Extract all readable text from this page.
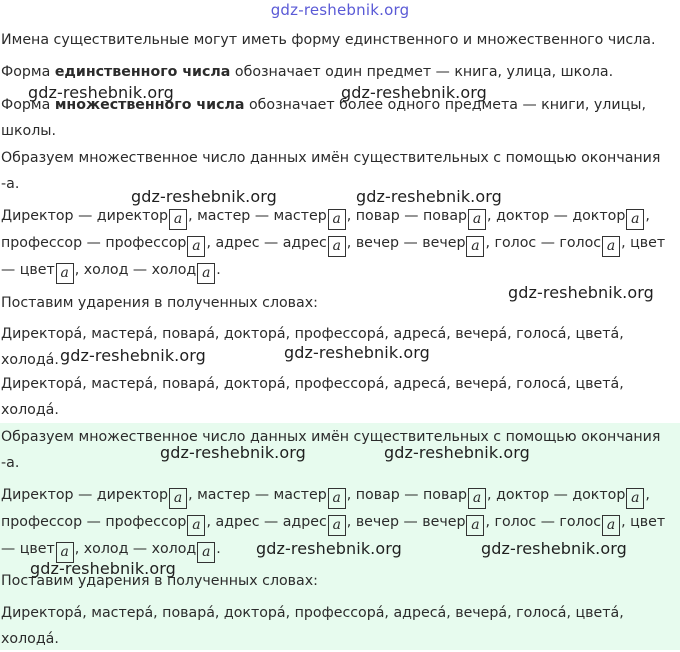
gdz-reshebnik.org

Имена существительные могут иметь форму единственного и множественного числа.

Форма единственного числа обозначает один предмет — книга, улица, школа.

Форма множественного числа обозначает более одного предмета — книги, улицы, школы.

Образуем множественное число данных имён существительных с помощью окончания -а.

Директор — директор а , мастер — мастер а , повар — повар а , доктор — доктор а , профессор — профессор а , адрес — адрес а , вечер — вечер а , голос — голос а , цвет — цвет а , холод — холод а .

Поставим ударения в полученных словах:

Директора́, мастера́, повара́, доктора́, профессора́, адреса́, вечера́, голоса́, цвета́, холода́.

Директора́, мастера́, повара́, доктора́, профессора́, адреса́, вечера́, голоса́, цвета́, холода́.

Образуем множественное число данных имён существительных с помощью окончания -а.

Директор — директор а , мастер — мастер а , повар — повар а , доктор — доктор а , профессор — профессор а , адрес — адрес а , вечер — вечер а , голос — голос а , цвет — цвет а , холод — холод а .

Поставим ударения в полученных словах:

Директора́, мастера́, повара́, доктора́, профессора́, адреса́, вечера́, голоса́, цвета́, холода́.

gdz-reshebnik.org	gdz-reshebnik.org
gdz-reshebnik.org	gdz-reshebnik.org
gdz-reshebnik.org
gdz-reshebnik.org	gdz-reshebnik.org
gdz-reshebnik.org	gdz-reshebnik.org
gdz-reshebnik.org	gdz-reshebnik.org
gdz-reshebnik.org
